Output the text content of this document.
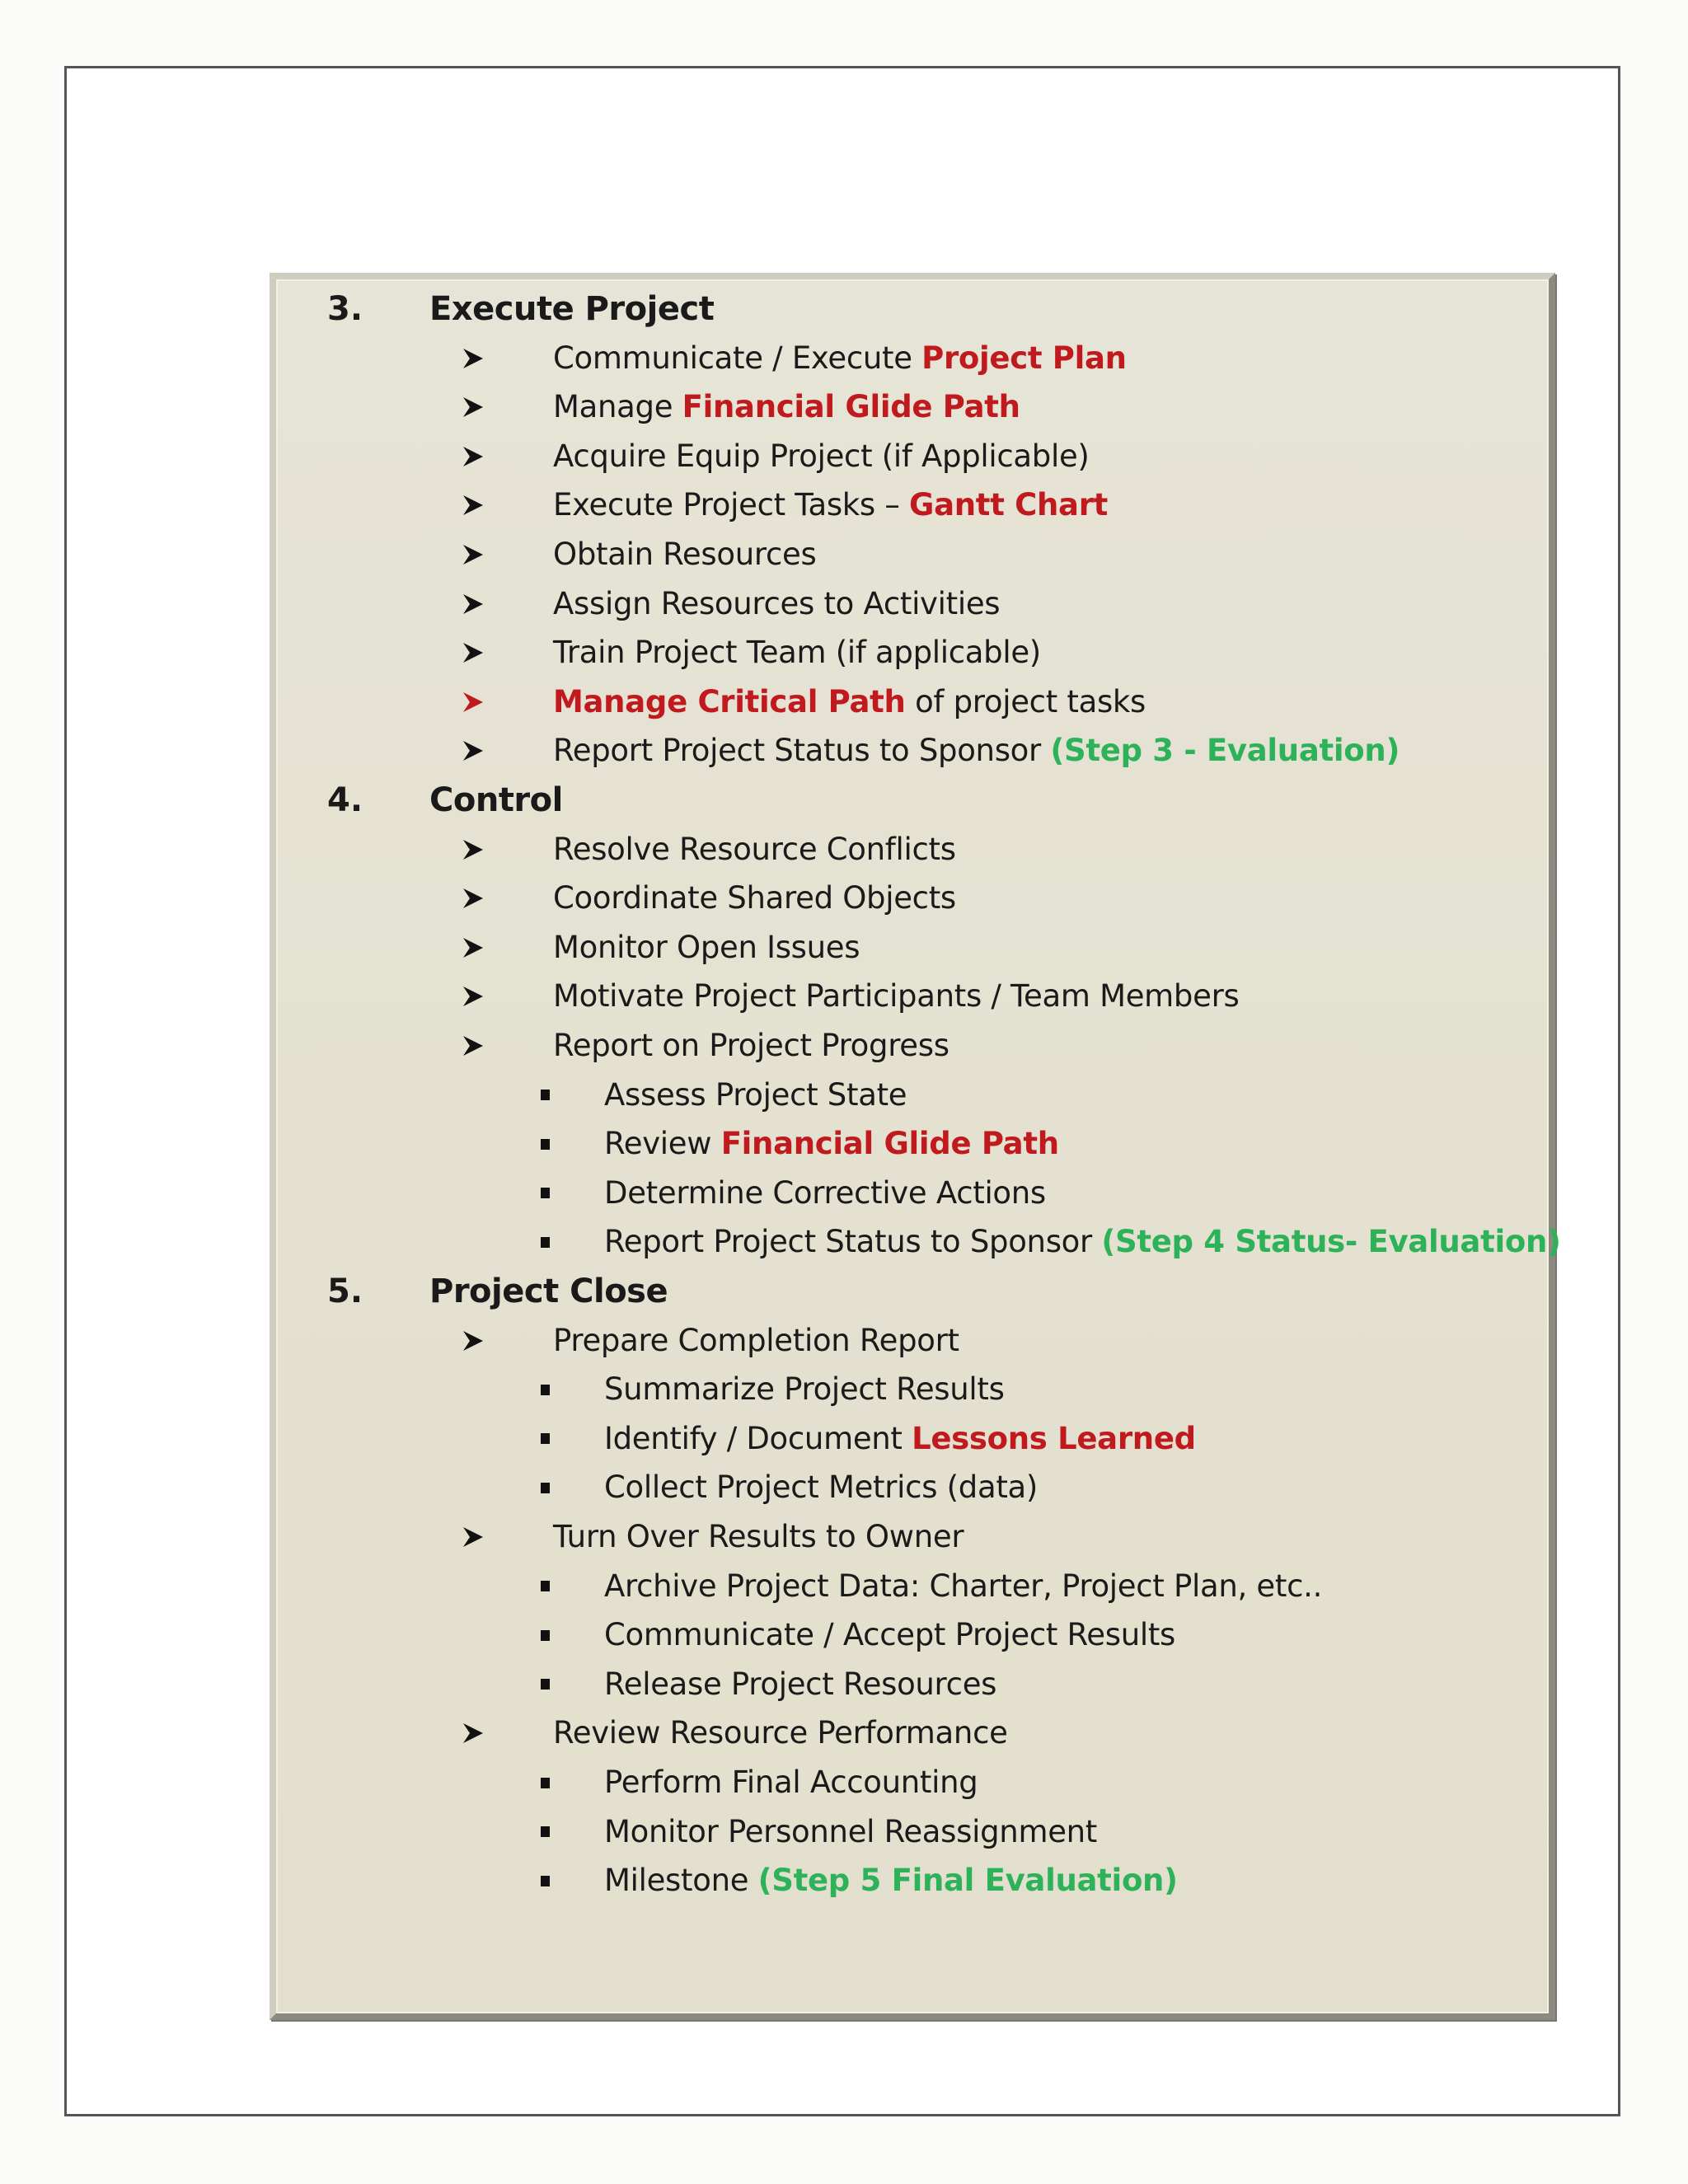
3. Execute Project
Communicate / Execute Project Plan
Manage Financial Glide Path
Acquire Equip Project (if Applicable)
Execute Project Tasks – Gantt Chart
Obtain Resources
Assign Resources to Activities
Train Project Team (if applicable)
Manage Critical Path of project tasks
Report Project Status to Sponsor (Step 3 - Evaluation)
4. Control
Resolve Resource Conflicts
Coordinate Shared Objects
Monitor Open Issues
Motivate Project Participants / Team Members
Report on Project Progress
Assess Project State
Review Financial Glide Path
Determine Corrective Actions
Report Project Status to Sponsor (Step 4 Status- Evaluation)
5. Project Close
Prepare Completion Report
Summarize Project Results
Identify / Document Lessons Learned
Collect Project Metrics (data)
Turn Over Results to Owner
Archive Project Data: Charter, Project Plan, etc..
Communicate / Accept Project Results
Release Project Resources
Review Resource Performance
Perform Final Accounting
Monitor Personnel Reassignment
Milestone (Step 5 Final Evaluation)
